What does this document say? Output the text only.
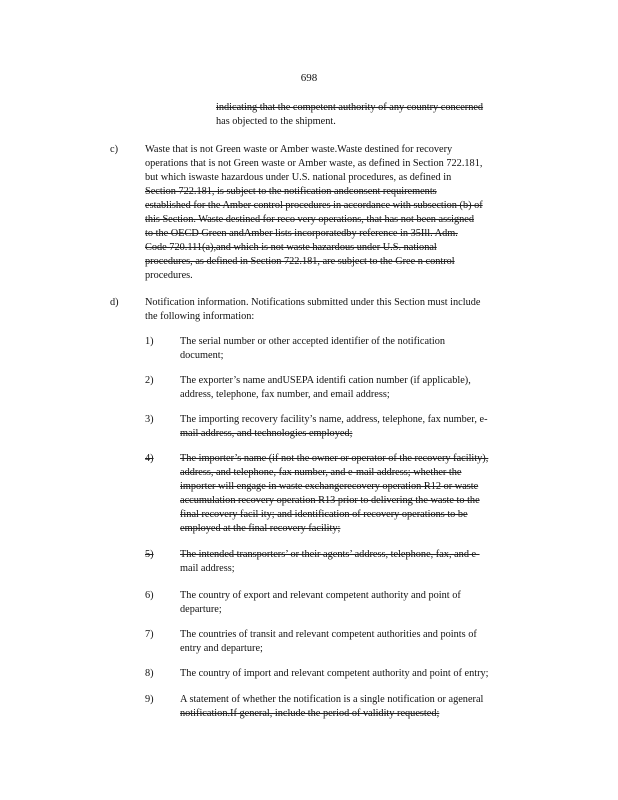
698

indicating that the competent authority of any country concerned

has objected to the shipment.

c)	Waste that is not Green waste or Amber waste.Waste destined for recovery

operations that is not Green waste or Amber waste, as defined in Section 722.181,

but which iswaste hazardous under U.S. national procedures, as defined in

Section 722.181, is subject to the notification andconsent requirements

established for the Amber control procedures in accordance with subsection (b) of

this Section. Waste destined for reco very operations, that has not been assigned

to the OECD Green andAmber lists incorporatedby reference in 35Ill. Adm.

Code 720.111(a),and which is not waste hazardous under U.S. national

procedures, as defined in Section 722.181, are subject to the Gree n control

procedures.

d)	Notification information. Notifications submitted under this Section must include

the following information:

1)	The serial number or other accepted identifier of the notification

document;

2)	The exporter’s name andUSEPA identifi cation number (if applicable),

address, telephone, fax number, and email address;

3)	The importing recovery facility’s name, address, telephone, fax number, e-

mail address, and technologies employed;

4)	The importer’s name (if not the owner or operator of the recovery facility),

address, and telephone, fax number, and e-mail address; whether the

importer will engage in waste exchangerecovery operation R12 or waste

accumulation recovery operation R13 prior to delivering the waste to the

final recovery facil ity; and identification of recovery operations to be

employed at the final recovery facility;

5)	The intended transporters’ or their agents’ address, telephone, fax, and e-

mail address;

6)	The country of export and relevant competent authority and point of

departure;

7)	The countries of transit and relevant competent authorities and points of

entry and departure;

8)	The country of import and relevant competent authority and point of entry;

9)	A statement of whether the notification is a single notification or ageneral

notification.If general, include the period of validity requested;
